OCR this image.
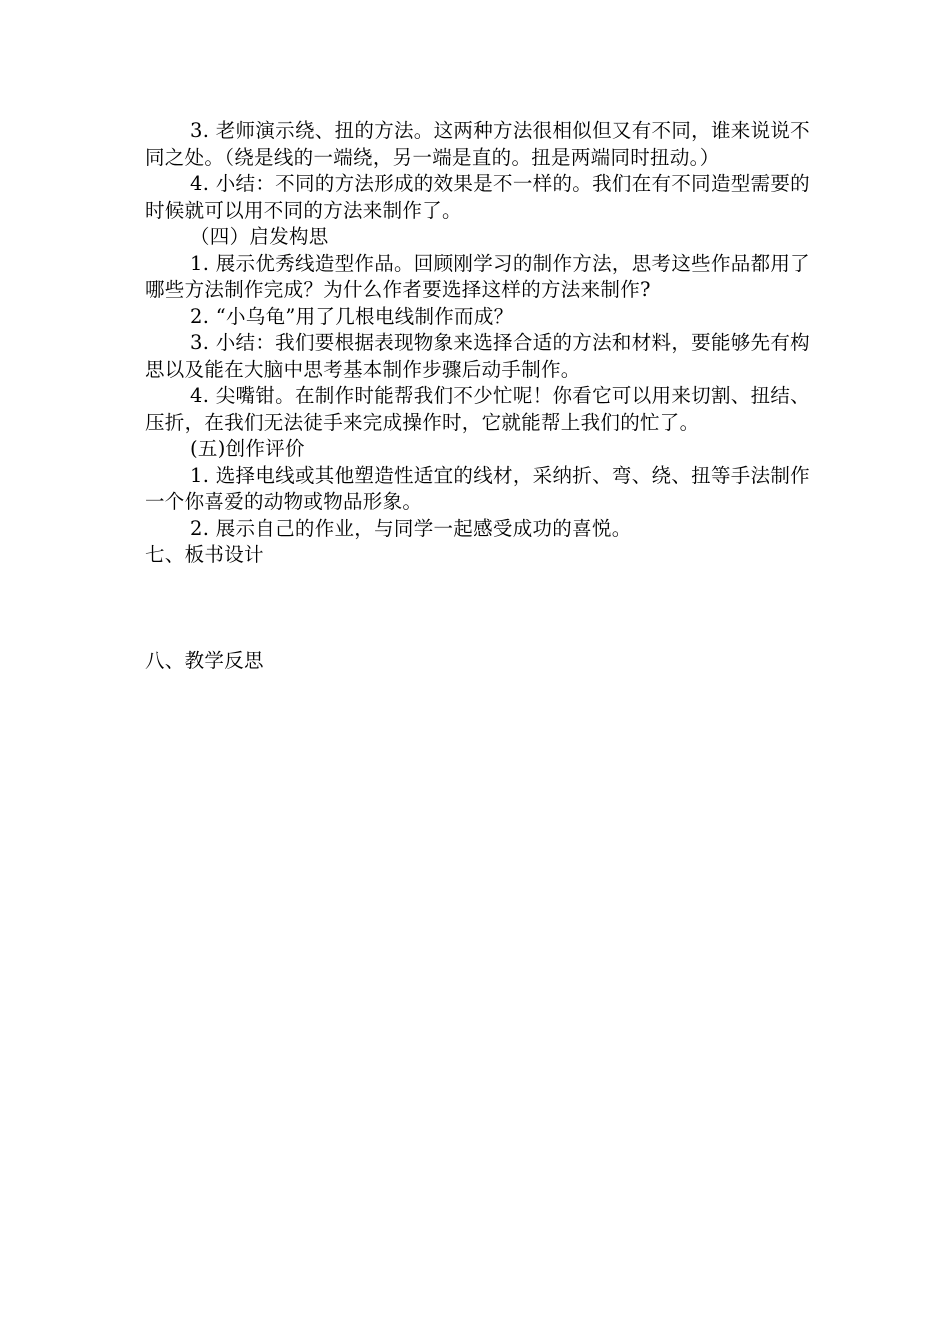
3. 老师演示绕、扭的方法。这两种方法很相似但又有不同，谁来说说不同之处。（绕是线的一端绕，另一端是直的。扭是两端同时扭动。）

4. 小结：不同的方法形成的效果是不一样的。我们在有不同造型需要的时候就可以用不同的方法来制作了。

（四）启发构思

1. 展示优秀线造型作品。回顾刚学习的制作方法，思考这些作品都用了哪些方法制作完成？为什么作者要选择这样的方法来制作?

2. “小乌龟”用了几根电线制作而成？

3. 小结：我们要根据表现物象来选择合适的方法和材料，要能够先有构思以及能在大脑中思考基本制作步骤后动手制作。

4. 尖嘴钳。在制作时能帮我们不少忙呢！你看它可以用来切割、扭结、压折，在我们无法徒手来完成操作时，它就能帮上我们的忙了。

(五)创作评价

1. 选择电线或其他塑造性适宜的线材，采纳折、弯、绕、扭等手法制作一个你喜爱的动物或物品形象。

2. 展示自己的作业，与同学一起感受成功的喜悦。

七、板书设计

八、教学反思
